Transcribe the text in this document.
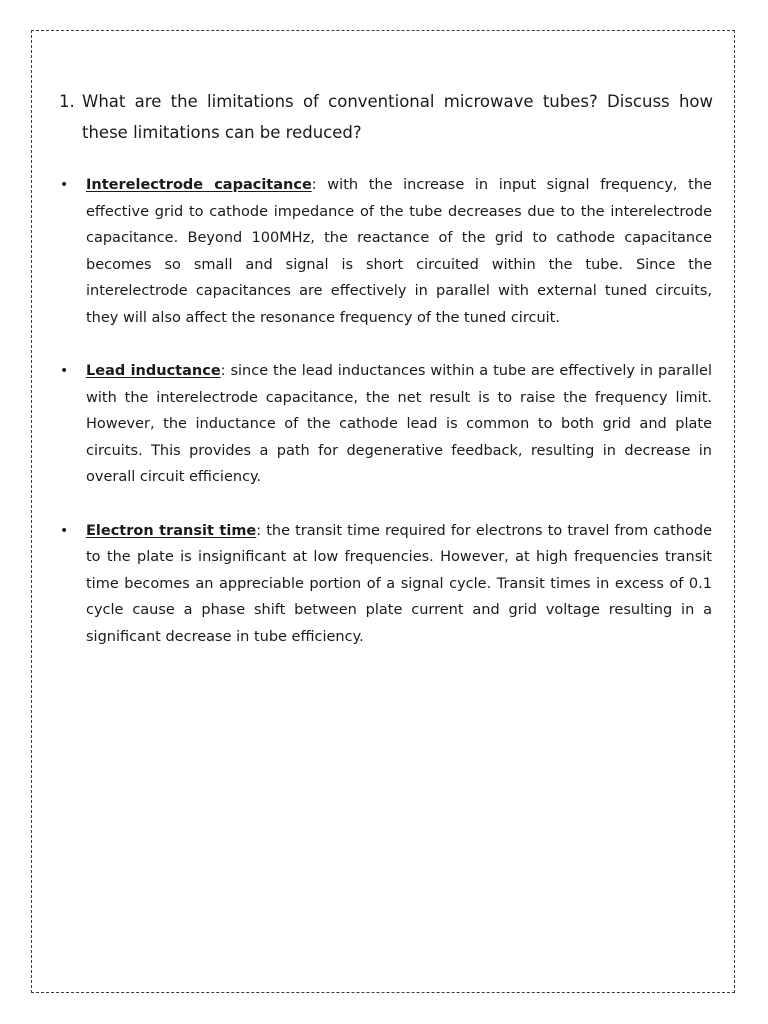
1. What are the limitations of conventional microwave tubes? Discuss how these limitations can be reduced?
•	Interelectrode capacitance: with the increase in input signal frequency, the effective grid to cathode impedance of the tube decreases due to the interelectrode capacitance. Beyond 100MHz, the reactance of the grid to cathode capacitance becomes so small and signal is short circuited within the tube. Since the interelectrode capacitances are effectively in parallel with external tuned circuits, they will also affect the resonance frequency of the tuned circuit.
•	Lead inductance: since the lead inductances within a tube are effectively in parallel with the interelectrode capacitance, the net result is to raise the frequency limit. However, the inductance of the cathode lead is common to both grid and plate circuits. This provides a path for degenerative feedback, resulting in decrease in overall circuit efficiency.
•	Electron transit time: the transit time required for electrons to travel from cathode to the plate is insignificant at low frequencies. However, at high frequencies transit time becomes an appreciable portion of a signal cycle. Transit times in excess of 0.1 cycle cause a phase shift between plate current and grid voltage resulting in a significant decrease in tube efficiency.
